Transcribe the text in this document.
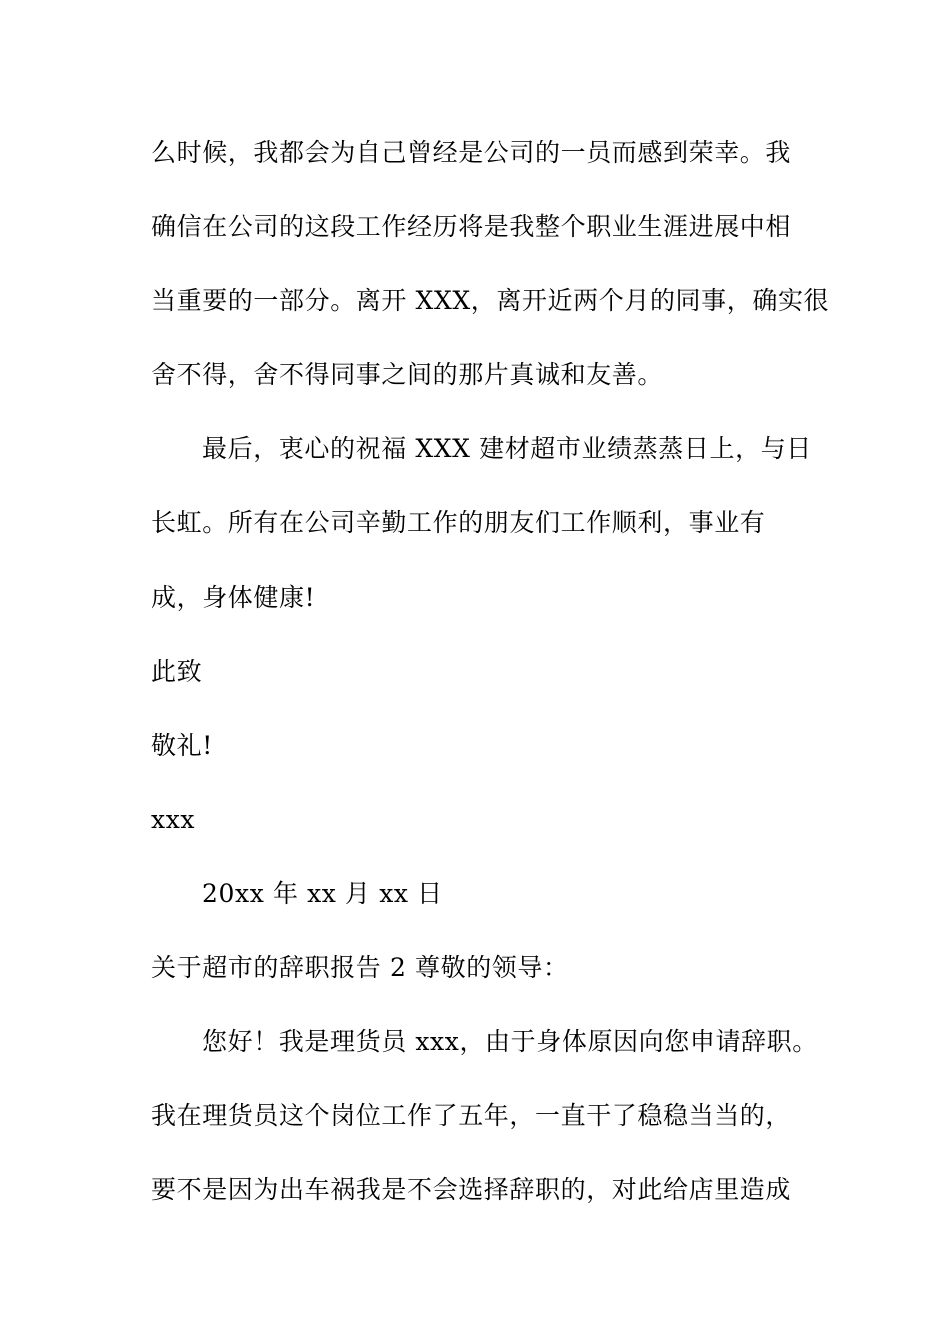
么时候，我都会为自己曾经是公司的一员而感到荣幸。我
确信在公司的这段工作经历将是我整个职业生涯进展中相
当重要的一部分。离开 XXX，离开近两个月的同事，确实很
舍不得，舍不得同事之间的那片真诚和友善。
最后，衷心的祝福 XXX 建材超市业绩蒸蒸日上，与日
长虹。所有在公司辛勤工作的朋友们工作顺利，事业有
成，身体健康!
此致
敬礼!
xxx
20xx 年 xx 月 xx 日
关于超市的辞职报告 2 尊敬的领导：
您好！我是理货员 xxx，由于身体原因向您申请辞职。
我在理货员这个岗位工作了五年，一直干了稳稳当当的，
要不是因为出车祸我是不会选择辞职的，对此给店里造成
